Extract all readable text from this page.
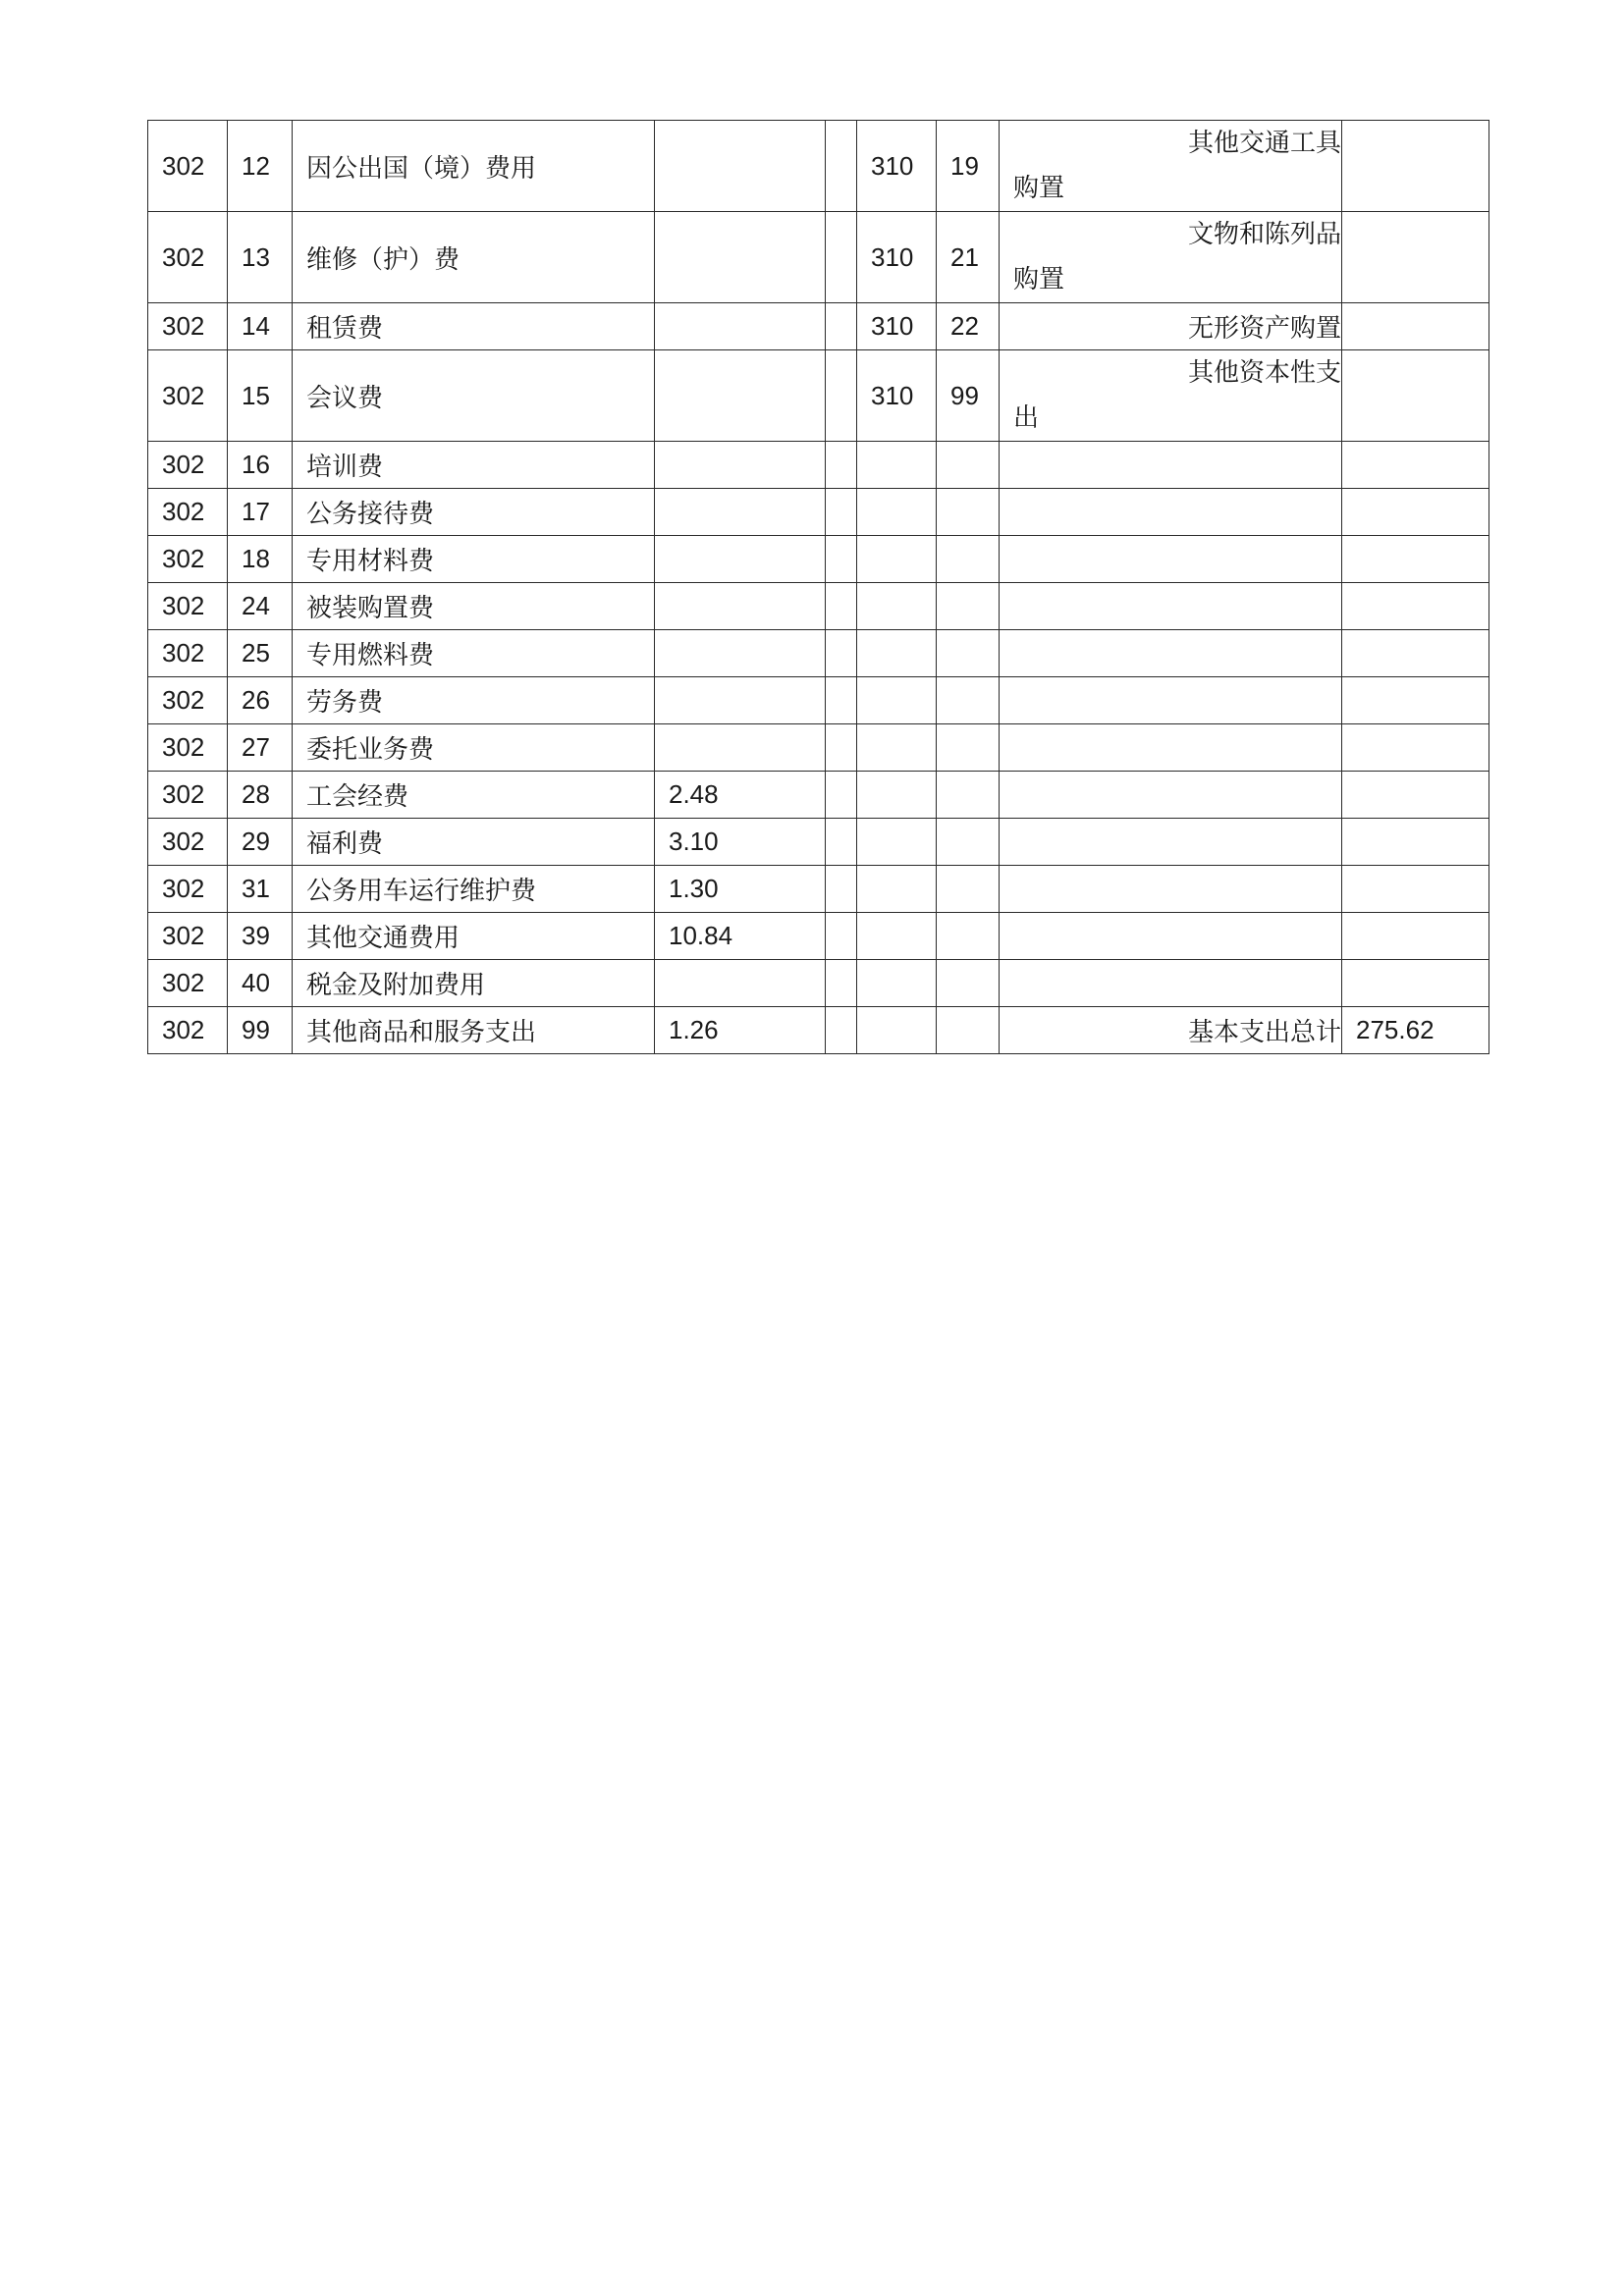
302	12	因公出国（境）费用			310	19	其他交通工具
购置	

302	13	维修（护）费			310	21	文物和陈列品
购置	

302	14	租赁费			310	22	无形资产购置	
302	15	会议费			310	99	其他资本性支
出	

302	16	培训费						
302	17	公务接待费						
302	18	专用材料费						
302	24	被装购置费						
302	25	专用燃料费						
302	26	劳务费						
302	27	委托业务费						
302	28	工会经费	2.48					
302	29	福利费	3.10					
302	31	公务用车运行维护费	1.30					
302	39	其他交通费用	10.84					
302	40	税金及附加费用						
302	99	其他商品和服务支出	1.26				基本支出总计	275.62
